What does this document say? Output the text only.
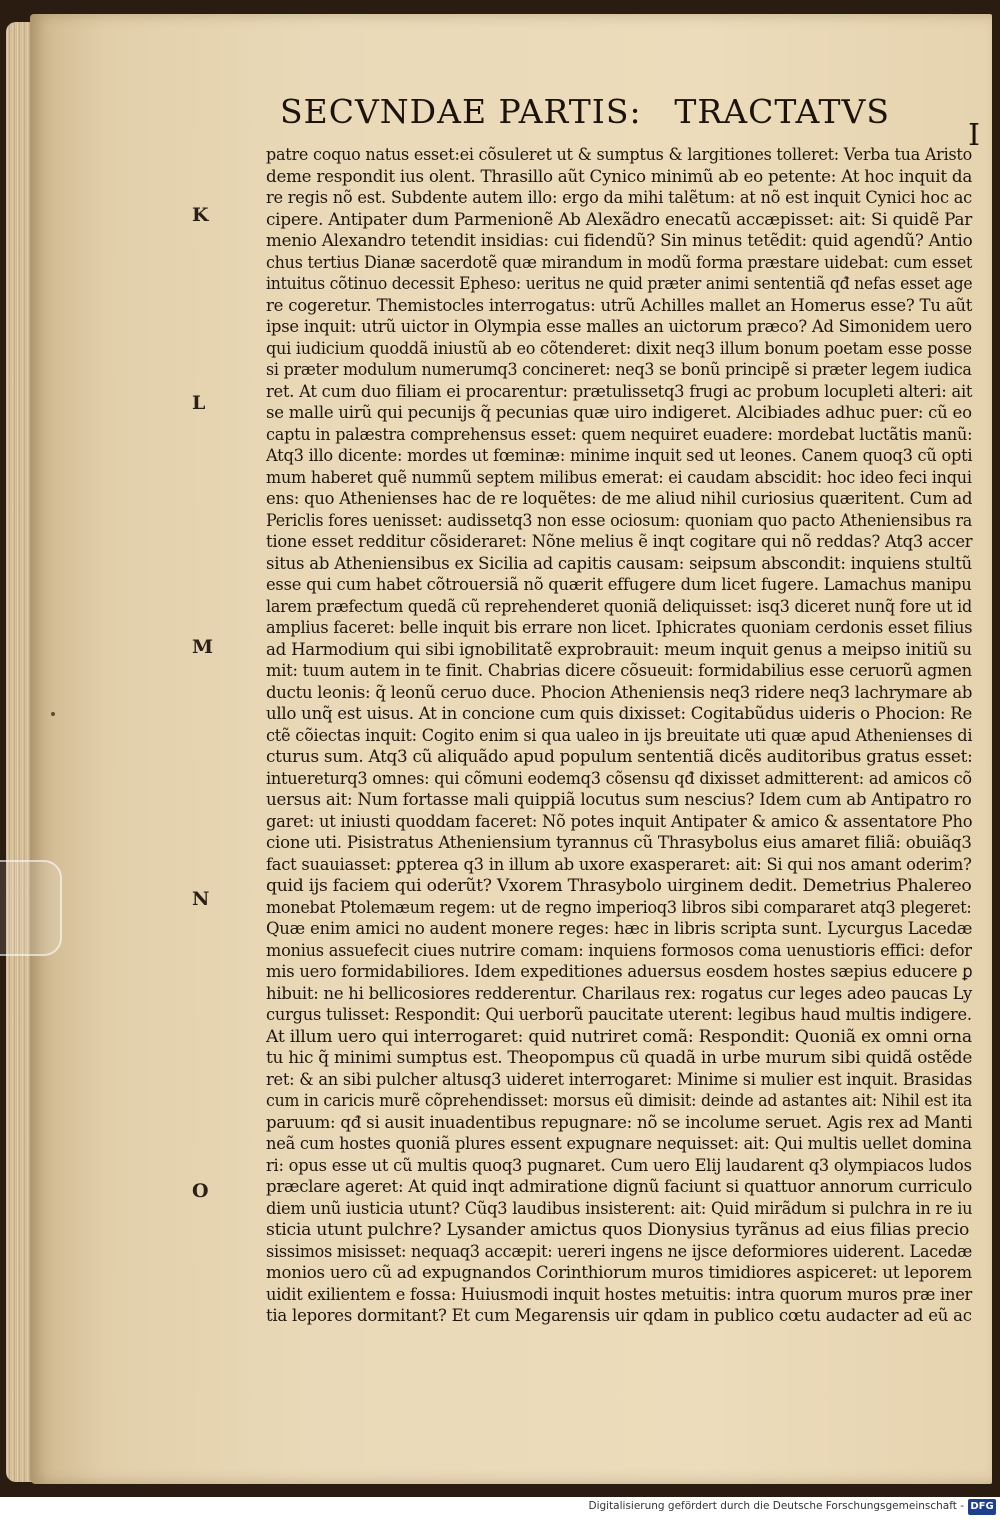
SECVNDAE PARTIS: TRACTATVS
I
K
L
M
N
O
patre coquo natus esset:ei cõsuleret ut & sumptus & largitiones tolleret: Verba tua Aristo
deme respondit ius olent. Thrasillo aũt Cynico minimũ ab eo petente: At hoc inquit da
re regis nõ est. Subdente autem illo: ergo da mihi talẽtum: at nõ est inquit Cynici hoc ac
cipere. Antipater dum Parmenionẽ Ab Alexãdro enecatũ accæpisset: ait: Si quidẽ Par
menio Alexandro tetendit insidias: cui fidendũ? Sin minus tetẽdit: quid agendũ? Antio
chus tertius Dianæ sacerdotẽ quæ mirandum in modũ forma præstare uidebat: cum esset
intuitus cõtinuo decessit Epheso: ueritus ne quid præter animi sententiã qđ nefas esset age
re cogeretur. Themistocles interrogatus: utrũ Achilles mallet an Homerus esse? Tu aũt
ipse inquit: utrũ uictor in Olympia esse malles an uictorum præco? Ad Simonidem uero
qui iudicium quoddã iniustũ ab eo cõtenderet: dixit neq3 illum bonum poetam esse posse
si præter modulum numerumq3 concineret: neq3 se bonũ principẽ si præter legem iudica
ret. At cum duo filiam ei procarentur: prætulissetq3 frugi ac probum locupleti alteri: ait
se malle uirũ qui pecunijs q̃ pecunias quæ uiro indigeret. Alcibiades adhuc puer: cũ eo
captu in palæstra comprehensus esset: quem nequiret euadere: mordebat luctãtis manũ:
Atq3 illo dicente: mordes ut fœminæ: minime inquit sed ut leones. Canem quoq3 cũ opti
mum haberet quẽ nummũ septem milibus emerat: ei caudam abscidit: hoc ideo feci inqui
ens: quo Athenienses hac de re loquẽtes: de me aliud nihil curiosius quæritent. Cum ad
Periclis fores uenisset: audissetq3 non esse ociosum: quoniam quo pacto Atheniensibus ra
tione esset redditur cõsideraret: Nõne melius ẽ inqt cogitare qui nõ reddas? Atq3 accer
situs ab Atheniensibus ex Sicilia ad capitis causam: seipsum abscondit: inquiens stultũ
esse qui cum habet cõtrouersiã nõ quærit effugere dum licet fugere. Lamachus manipu
larem præfectum quedã cũ reprehenderet quoniã deliquisset: isq3 diceret nunq̃ fore ut id
amplius faceret: belle inquit bis errare non licet. Iphicrates quoniam cerdonis esset filius
ad Harmodium qui sibi ignobilitatẽ exprobrauit: meum inquit genus a meipso initiũ su
mit: tuum autem in te finit. Chabrias dicere cõsueuit: formidabilius esse ceruorũ agmen
ductu leonis: q̃ leonũ ceruo duce. Phocion Atheniensis neq3 ridere neq3 lachrymare ab
ullo unq̃ est uisus. At in concione cum quis dixisset: Cogitabũdus uideris o Phocion: Re
ctẽ cõiectas inquit: Cogito enim si qua ualeo in ijs breuitate uti quæ apud Athenienses di
cturus sum. Atq3 cũ aliquãdo apud populum sententiã dicẽs auditoribus gratus esset:
intuereturq3 omnes: qui cõmuni eodemq3 cõsensu qđ dixisset admitterent: ad amicos cõ
uersus ait: Num fortasse mali quippiã locutus sum nescius? Idem cum ab Antipatro ro
garet: ut iniusti quoddam faceret: Nõ potes inquit Antipater & amico & assentatore Pho
cione uti. Pisistratus Atheniensium tyrannus cũ Thrasybolus eius amaret filiã: obuiãq3
fact suauiasset: ꝑpterea q3 in illum ab uxore exasperaret: ait: Si qui nos amant oderim?
quid ijs faciem qui oderũt? Vxorem Thrasybolo uirginem dedit. Demetrius Phalereo
monebat Ptolemæum regem: ut de regno imperioq3 libros sibi compararet atq3 plegeret:
Quæ enim amici no audent monere reges: hæc in libris scripta sunt. Lycurgus Lacedæ
monius assuefecit ciues nutrire comam: inquiens formosos coma uenustioris effici: defor
mis uero formidabiliores. Idem expeditiones aduersus eosdem hostes sæpius educere ꝑ
hibuit: ne hi bellicosiores redderentur. Charilaus rex: rogatus cur leges adeo paucas Ly
curgus tulisset: Respondit: Qui uerborũ paucitate uterent: legibus haud multis indigere.
At illum uero qui interrogaret: quid nutriret comã: Respondit: Quoniã ex omni orna
tu hic q̃ minimi sumptus est. Theopompus cũ quadã in urbe murum sibi quidã ostẽde
ret: & an sibi pulcher altusq3 uideret interrogaret: Minime si mulier est inquit. Brasidas
cum in caricis murẽ cõprehendisset: morsus eũ dimisit: deinde ad astantes ait: Nihil est ita
paruum: qđ si ausit inuadentibus repugnare: nõ se incolume seruet. Agis rex ad Manti
neã cum hostes quoniã plures essent expugnare nequisset: ait: Qui multis uellet domina
ri: opus esse ut cũ multis quoq3 pugnaret. Cum uero Elij laudarent q3 olympiacos ludos
præclare ageret: At quid inqt admiratione dignũ faciunt si quattuor annorum curriculo
diem unũ iusticia utunt? Cũq3 laudibus insisterent: ait: Quid mirãdum si pulchra in re iu
sticia utunt pulchre? Lysander amictus quos Dionysius tyrãnus ad eius filias precio
sissimos misisset: nequaq3 accæpit: uereri ingens ne ijsce deformiores uiderent. Lacedæ
monios uero cũ ad expugnandos Corinthiorum muros timidiores aspiceret: ut leporem
uidit exilientem e fossa: Huiusmodi inquit hostes metuitis: intra quorum muros præ iner
tia lepores dormitant? Et cum Megarensis uir qdam in publico cœtu audacter ad eũ ac
Digitalisierung gefördert durch die Deutsche Forschungsgemeinschaft - DFG
